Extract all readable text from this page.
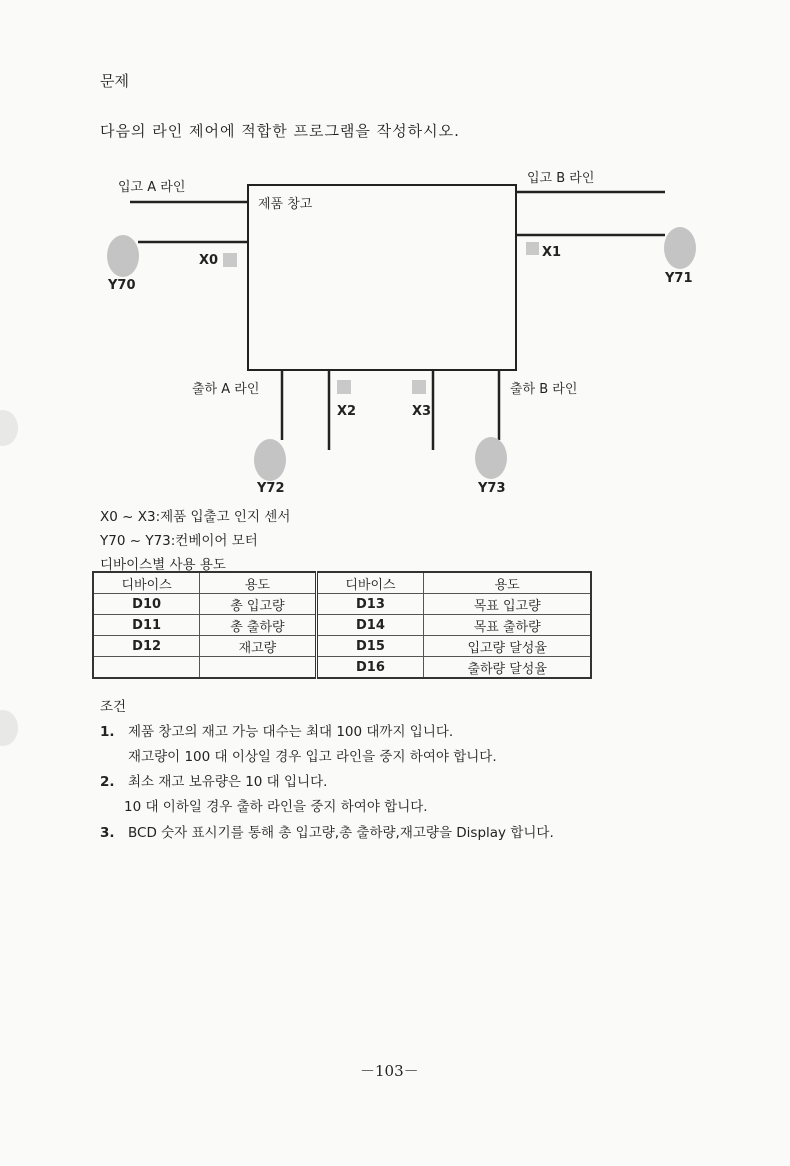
문제
다음의 라인 제어에 적합한 프로그램을 작성하시오.
제품 창고
입고 A 라인
입고 B 라인
출하 A 라인	출하 B 라인
X0
X1
X2	X3
Y70	Y71
Y72	Y73
X0 ~ X3:제품 입출고 인지 센서
Y70 ~ Y73:컨베이어 모터
디바이스별 사용 용도
디바이스	용도	디바이스	용도
D10	총 입고량	D13	목표 입고량
D11	총 출하량	D14	목표 출하량
D12	재고량	D15	입고량 달성율
		D16	출하량 달성율
조건
1. 제품 창고의 재고 가능 대수는 최대 100 대까지 입니다.
재고량이 100 대 이상일 경우 입고 라인을 중지 하여야 합니다.
2. 최소 재고 보유량은 10 대 입니다.
10 대 이하일 경우 출하 라인을 중지 하여야 합니다.
3. BCD 숫자 표시기를 통해 총 입고량,총 출하량,재고량을 Display 합니다.
－103－
